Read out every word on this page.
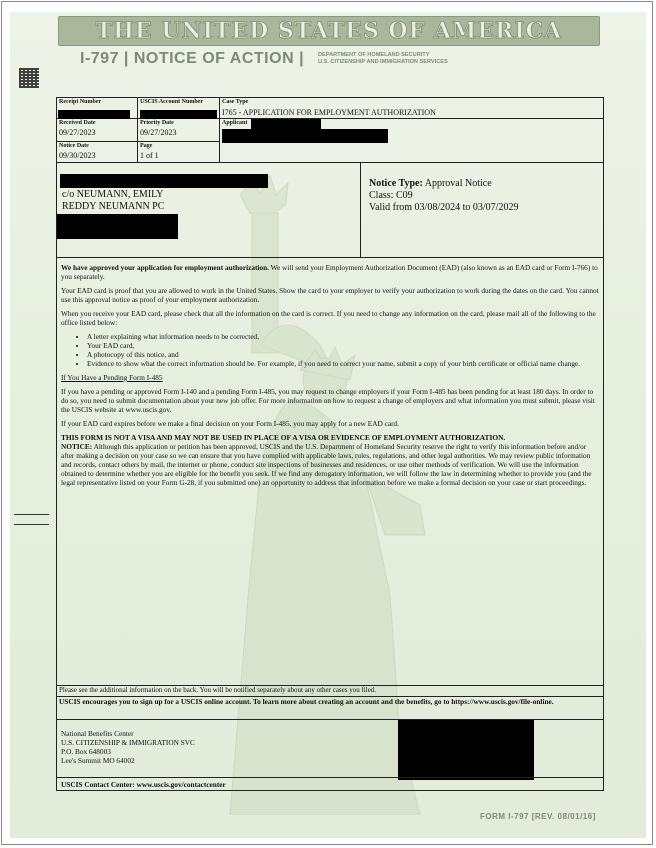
THE UNITED STATES OF AMERICA
I-797 | NOTICE OF ACTION | DEPARTMENT OF HOMELAND SECURITY
U.S. CITIZENSHIP AND IMMIGRATION SERVICES
Receipt Number	USCIS Account Number	Case Type
I765 - APPLICATION FOR EMPLOYMENT AUTHORIZATION
Received Date
09/27/2023
Priority Date
09/27/2023
Applicant
Notice Date
09/30/2023
Page
1 of 1
c/o NEUMANN, EMILY
REDDY NEUMANN PC
Notice Type: Approval Notice
Class: C09
Valid from 03/08/2024 to 03/07/2029

We have approved your application for employment authorization. We will send your Employment Authorization Document (EAD) (also known as an EAD card or Form I-766) to you separately.

Your EAD card is proof that you are allowed to work in the United States. Show the card to your employer to verify your authorization to work during the dates on the card. You cannot use this approval notice as proof of your employment authorization.

When you receive your EAD card, please check that all the information on the card is correct. If you need to change any information on the card, please mail all of the following to the office listed below:

• A letter explaining what information needs to be corrected,
• Your EAD card,
• A photocopy of this notice, and
• Evidence to show what the correct information should be. For example, if you need to correct your name, submit a copy of your birth certificate or official name change.

If You Have a Pending Form I-485

If you have a pending or approved Form I-140 and a pending Form I-485, you may request to change employers if your Form I-485 has been pending for at least 180 days. In order to do so, you need to submit documentation about your new job offer. For more information on how to request a change of employers and what information you must submit, please visit the USCIS website at www.uscis.gov.

If your EAD card expires before we make a final decision on your Form I-485, you may apply for a new EAD card.

THIS FORM IS NOT A VISA AND MAY NOT BE USED IN PLACE OF A VISA OR EVIDENCE OF EMPLOYMENT AUTHORIZATION.

NOTICE: Although this application or petition has been approved, USCIS and the U.S. Department of Homeland Security reserve the right to verify this information before and/or after making a decision on your case so we can ensure that you have complied with applicable laws, rules, regulations, and other legal authorities. We may review public information and records, contact others by mail, the internet or phone, conduct site inspections of businesses and residences, or use other methods of verification. We will use the information obtained to determine whether you are eligible for the benefit you seek. If we find any derogatory information, we will follow the law in determining whether to provide you (and the legal representative listed on your Form G-28, if you submitted one) an opportunity to address that information before we make a formal decision on your case or start proceedings.

Please see the additional information on the back. You will be notified separately about any other cases you filed.
USCIS encourages you to sign up for a USCIS online account. To learn more about creating an account and the benefits, go to https://www.uscis.gov/file-online.
National Benefits Center
U.S. CITIZENSHIP & IMMIGRATION SVC
P.O. Box 648003
Lee's Summit MO 64002
USCIS Contact Center: www.uscis.gov/contactcenter
FORM I-797 [REV. 08/01/16]
